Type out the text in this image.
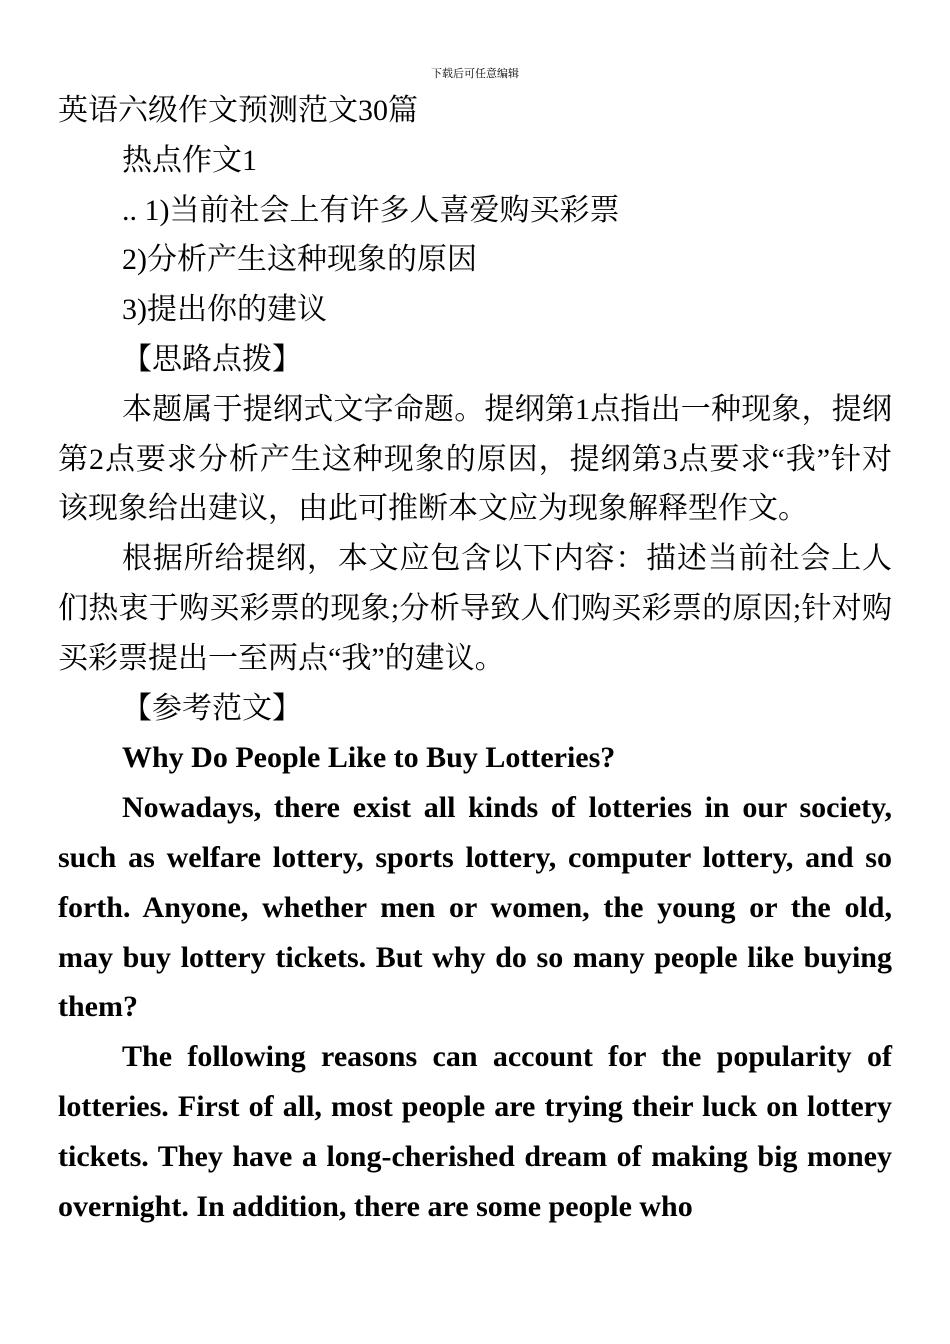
下载后可任意编辑
英语六级作文预测范文30篇
热点作文1
.. 1)当前社会上有许多人喜爱购买彩票
2)分析产生这种现象的原因
3)提出你的建议
【思路点拨】
本题属于提纲式文字命题。提纲第1点指出一种现象，提纲第2点要求分析产生这种现象的原因，提纲第3点要求“我”针对该现象给出建议，由此可推断本文应为现象解释型作文。
根据所给提纲，本文应包含以下内容：描述当前社会上人们热衷于购买彩票的现象;分析导致人们购买彩票的原因;针对购买彩票提出一至两点“我”的建议。
【参考范文】
Why Do People Like to Buy Lotteries?
Nowadays, there exist all kinds of lotteries in our society, such as welfare lottery, sports lottery, computer lottery, and so forth. Anyone, whether men or women, the young or the old, may buy lottery tickets. But why do so many people like buying them?
The following reasons can account for the popularity of lotteries. First of all, most people are trying their luck on lottery tickets. They have a long-cherished dream of making big money overnight. In addition, there are some people who
